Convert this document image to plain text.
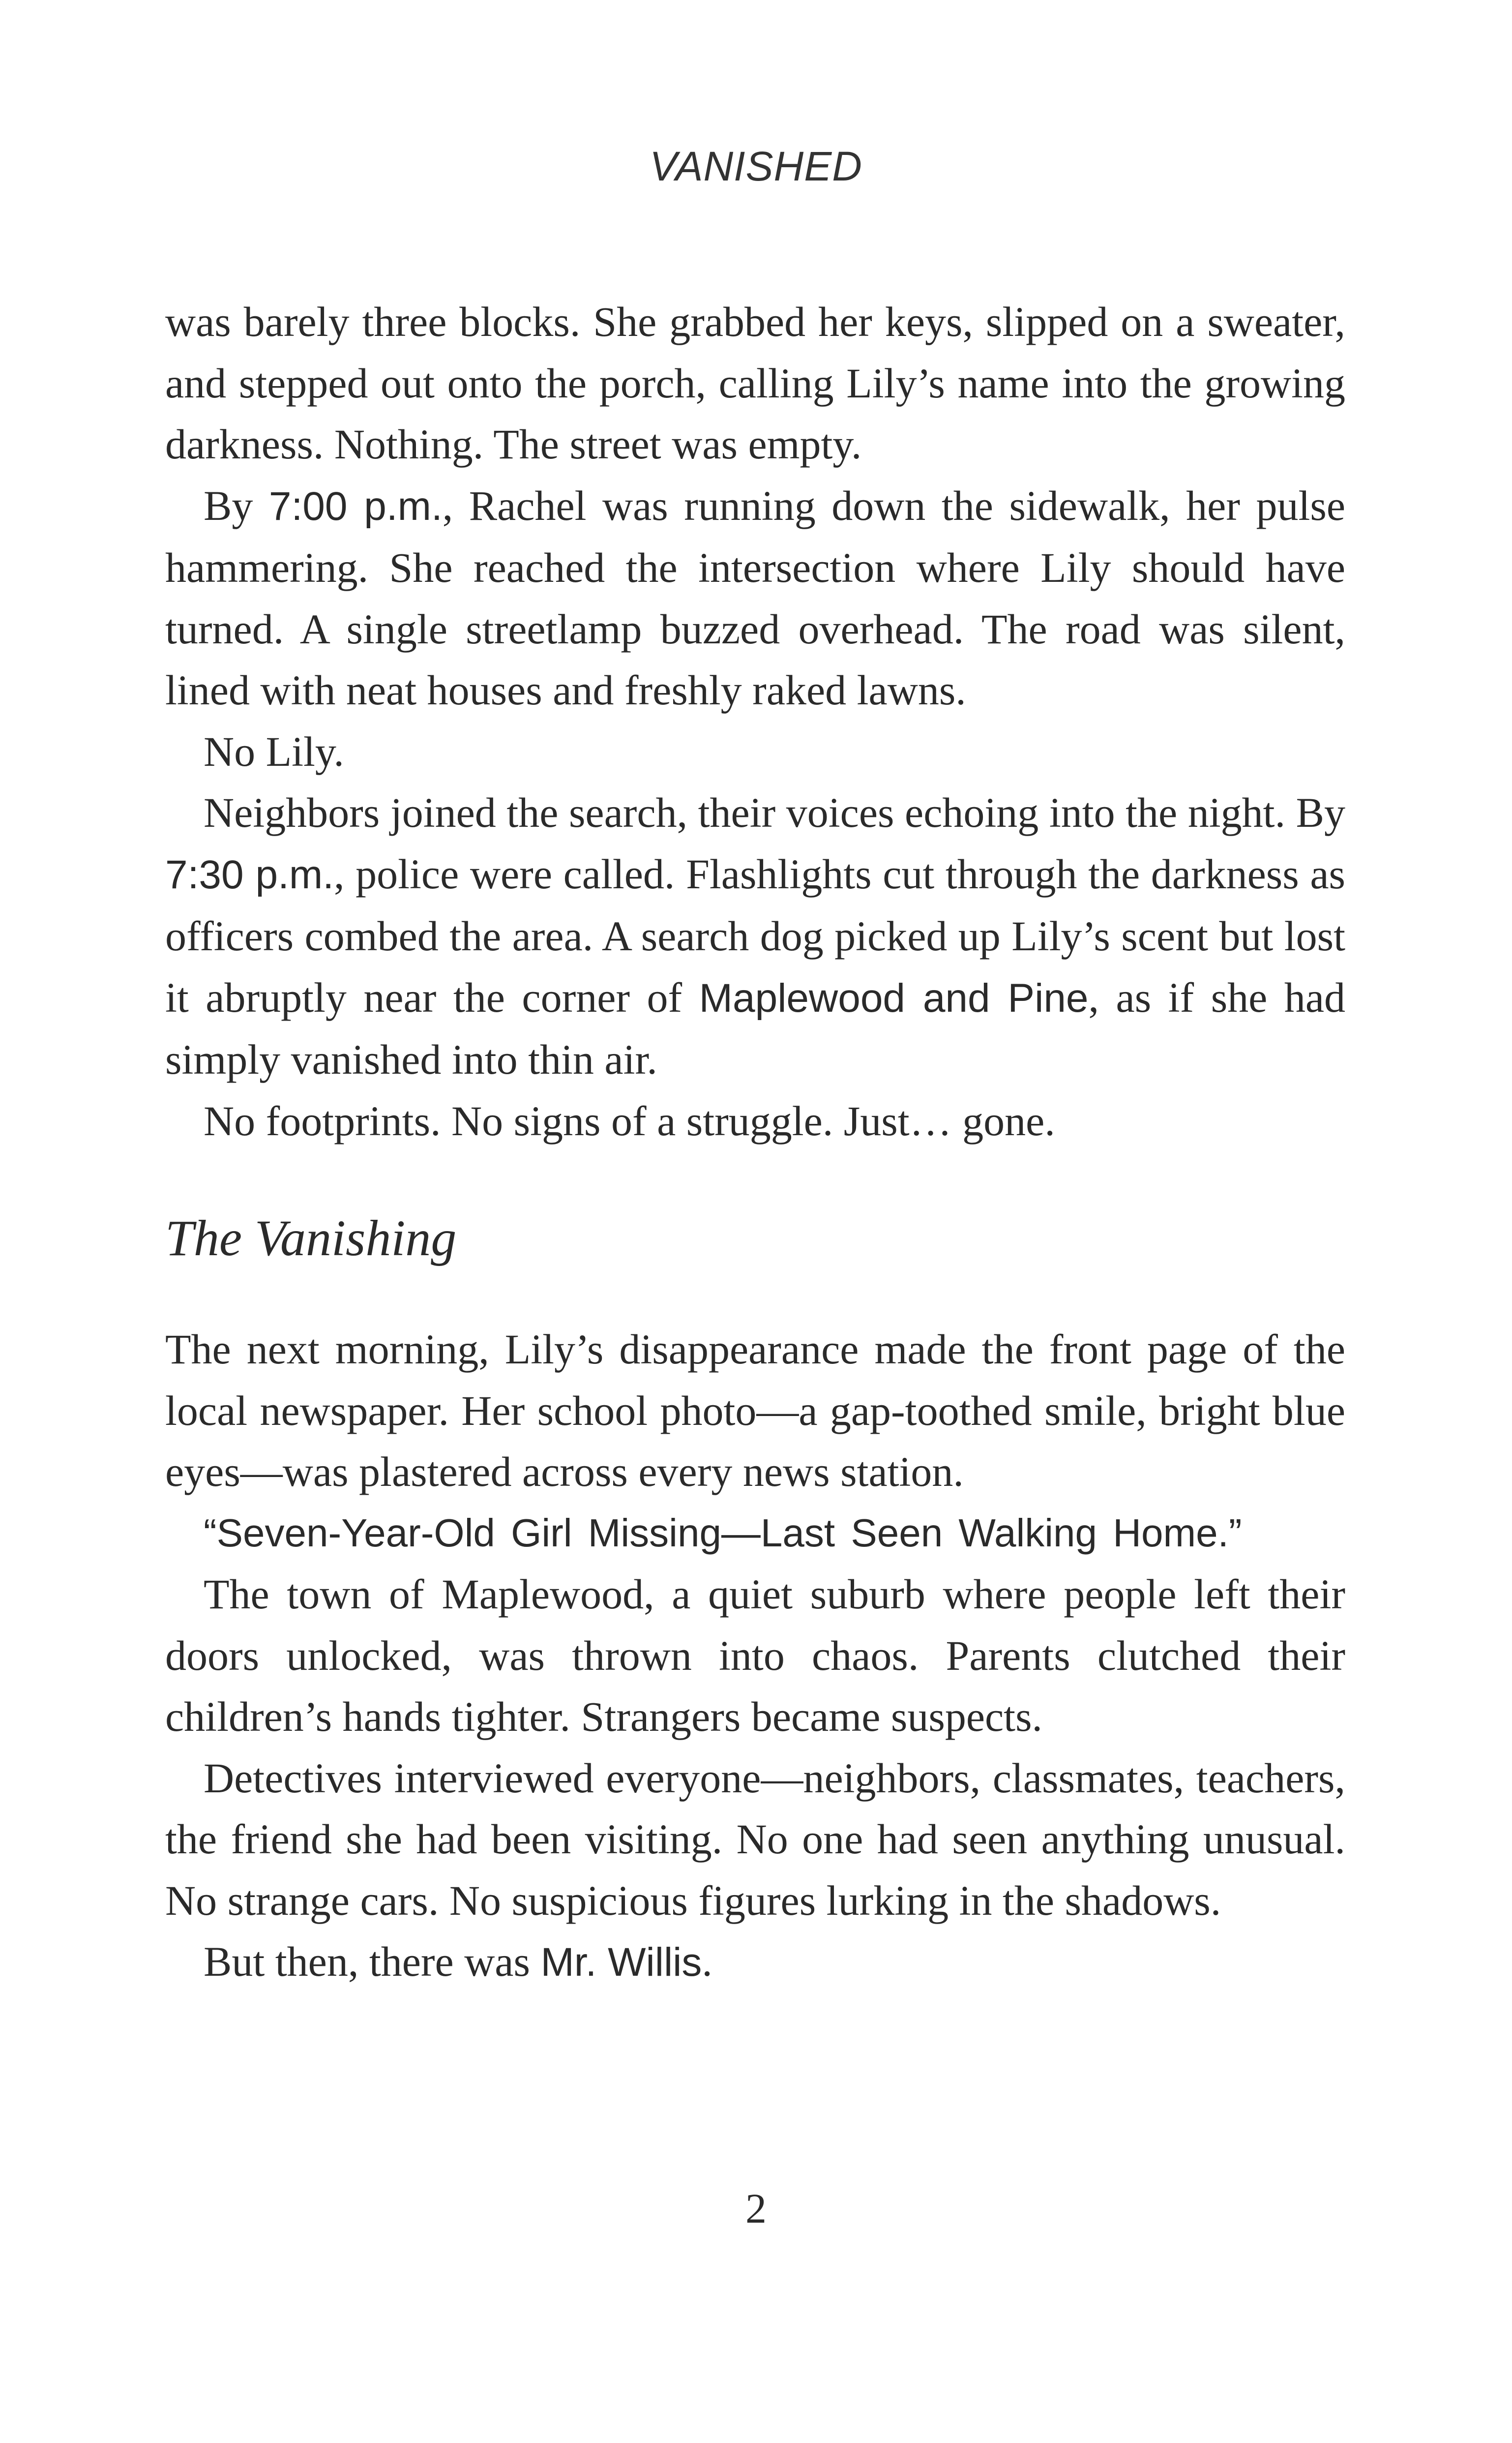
VANISHED

was barely three blocks. She grabbed her keys, slipped on a sweater, and stepped out onto the porch, calling Lily’s name into the growing darkness. Nothing. The street was empty.

By 7:00 p.m., Rachel was running down the sidewalk, her pulse hammering. She reached the intersection where Lily should have turned. A single streetlamp buzzed overhead. The road was silent, lined with neat houses and freshly raked lawns.

No Lily.

Neighbors joined the search, their voices echoing into the night. By 7:30 p.m., police were called. Flashlights cut through the darkness as officers combed the area. A search dog picked up Lily’s scent but lost it abruptly near the corner of Maplewood and Pine, as if she had simply vanished into thin air.

No footprints. No signs of a struggle. Just… gone.

The Vanishing

The next morning, Lily’s disappearance made the front page of the local newspaper. Her school photo—a gap-toothed smile, bright blue eyes—was plastered across every news station.

“Seven-Year-Old Girl Missing—Last Seen Walking Home.”

The town of Maplewood, a quiet suburb where people left their doors unlocked, was thrown into chaos. Parents clutched their children’s hands tighter. Strangers became suspects.

Detectives interviewed everyone—neighbors, classmates, teachers, the friend she had been visiting. No one had seen anything unusual. No strange cars. No suspicious figures lurking in the shadows.

But then, there was Mr. Willis.

2
